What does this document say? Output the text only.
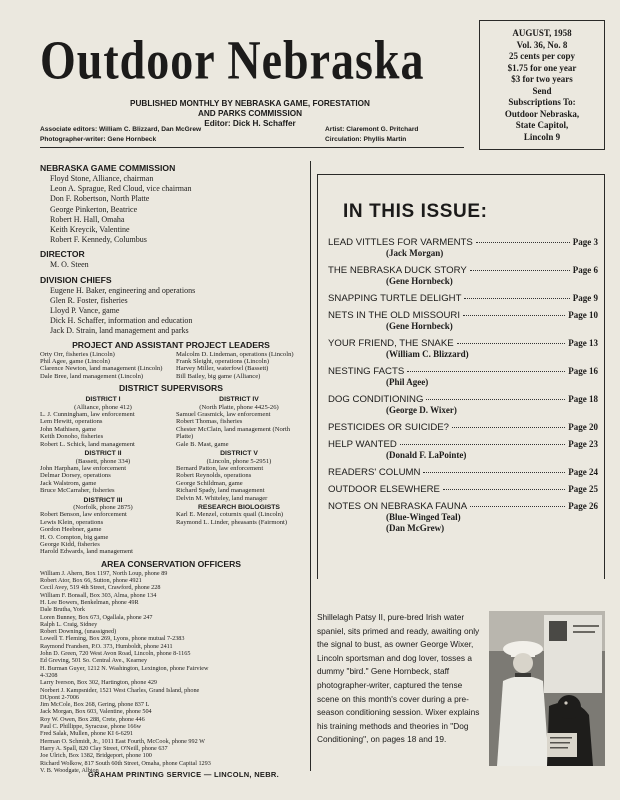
Outdoor Nebraska
PUBLISHED MONTHLY BY NEBRASKA GAME, FORESTATION
AND PARKS COMMISSION
Editor: Dick H. Schaffer
Associate editors: William C. Blizzard, Dan McGrew
Photographer-writer: Gene Hornbeck
Artist: Claremont G. Pritchard
Circulation: Phyllis Martin
AUGUST, 1958
Vol. 36, No. 8
25 cents per copy
$1.75 for one year
$3 for two years
Send
Subscriptions To:
Outdoor Nebraska,
State Capitol,
Lincoln 9
NEBRASKA GAME COMMISSION
Floyd Stone, Alliance, chairman
Leon A. Sprague, Red Cloud, vice chairman
Don F. Robertson, North Platte
George Pinkerton, Beatrice
Robert H. Hall, Omaha
Keith Kreycik, Valentine
Robert F. Kennedy, Columbus
DIRECTOR
M. O. Steen
DIVISION CHIEFS
Eugene H. Baker, engineering and operations
Glen R. Foster, fisheries
Lloyd P. Vance, game
Dick H. Schaffer, information and education
Jack D. Strain, land management and parks
PROJECT AND ASSISTANT PROJECT LEADERS
Orty Orr, fisheries (Lincoln)
Phil Agee, game (Lincoln)
Clarence Newton, land management (Lincoln)
Dale Bree, land management (Lincoln)
Malcolm D. Lindeman, operations (Lincoln)
Frank Sleight, operations (Lincoln)
Harvey Miller, waterfowl (Bassett)
Bill Bailey, big game (Alliance)
DISTRICT SUPERVISORS
DISTRICT I
(Alliance, phone 412)
L. J. Cunningham, law enforcement
Lem Hewitt, operations
John Mathisen, game
Keith Donoho, fisheries
Robert L. Schick, land management
DISTRICT II
(Bassett, phone 334)
John Harpham, law enforcement
Delmar Dorsey, operations
Jack Walstrom, game
Bruce McCarraher, fisheries
DISTRICT III
(Norfolk, phone 2875)
Robert Benson, law enforcement
Lewis Klein, operations
Gordon Heebner, game
H. O. Compton, big game
George Kidd, fisheries
Harold Edwards, land management
DISTRICT IV
(North Platte, phone 4425-26)
Samuel Grasmick, law enforcement
Robert Thomas, fisheries
Chester McClain, land management (North Platte)
Gale B. Mast, game
DISTRICT V
(Lincoln, phone 5-2951)
Bernard Patton, law enforcement
Robert Reynolds, operations
George Schildman, game
Richard Spady, land management
Delvin M. Whiteley, land manager
RESEARCH BIOLOGISTS
Karl E. Menzel, coturnix quail (Lincoln)
Raymond L. Linder, pheasants (Fairmont)
AREA CONSERVATION OFFICERS
William J. Ahern, Box 1197, North Loup, phone 89
Robert Ator, Box 66, Sutton, phone 4921
Cecil Avey, 519 4th Street, Crawford, phone 228
William F. Bonsall, Box 303, Alma, phone 134
H. Lee Bowers, Benkelman, phone 49R
Dale Brutha, York
Loren Bunney, Box 673, Ogallala, phone 247
Ralph L. Craig, Sidney
Robert Downing, (unassigned)
Lowell T. Fleming, Box 269, Lyons, phone mutual 7-2383
Raymond Frandsen, P.O. 373, Humboldt, phone 2411
John D. Green, 720 West Avon Road, Lincoln, phone 8-1165
Ed Greving, 501 So. Central Ave., Kearney
H. Burman Guyer, 1212 N. Washington, Lexington, phone Fairview
4-3208
Larry Iverson, Box 302, Hartington, phone 429
Norbert J. Kampsnider, 1521 West Charles, Grand Island, phone
DUpont 2-7006
Jim McCole, Box 268, Gering, phone 837 L
Jack Morgan, Box 603, Valentine, phone 504
Roy W. Owen, Box 288, Crete, phone 446
Paul C. Phillippe, Syracuse, phone 166w
Fred Salak, Mullen, phone KI 6-6291
Herman O. Schmidt, Jr., 1011 East Fourth, McCook, phone 992 W
Harry A. Spall, 820 Clay Street, O'Neill, phone 637
Joe Ulrich, Box 1382, Bridgeport, phone 100
Richard Wolkow, 817 South 60th Street, Omaha, phone Capital 1293
V. B. Woodgate, Albion
GRAHAM PRINTING SERVICE — LINCOLN, NEBR.
IN THIS ISSUE:
LEAD VITTLES FOR VARMENTS	Page 3
(Jack Morgan)
THE NEBRASKA DUCK STORY	Page 6
(Gene Hornbeck)
SNAPPING TURTLE DELIGHT	Page 9
NETS IN THE OLD MISSOURI	Page 10
(Gene Hornbeck)
YOUR FRIEND, THE SNAKE	Page 13
(William C. Blizzard)
NESTING FACTS	Page 16
(Phil Agee)
DOG CONDITIONING	Page 18
(George D. Wixer)
PESTICIDES OR SUICIDE?	Page 20
HELP WANTED	Page 23
(Donald F. LaPointe)
READERS' COLUMN	Page 24
OUTDOOR ELSEWHERE	Page 25
NOTES ON NEBRASKA FAUNA	Page 26
(Blue-Winged Teal)
(Dan McGrew)
Shillelagh Patsy II, pure-bred Irish water spaniel, sits primed and ready, awaiting only the signal to bust, as owner George Wixer, Lincoln sportsman and dog lover, tosses a dummy "bird." Gene Hornbeck, staff photographer-writer, captured the tense scene on this month's cover during a pre-season conditioning session. Wixer explains his training methods and theories in "Dog Conditioning", on pages 18 and 19.
